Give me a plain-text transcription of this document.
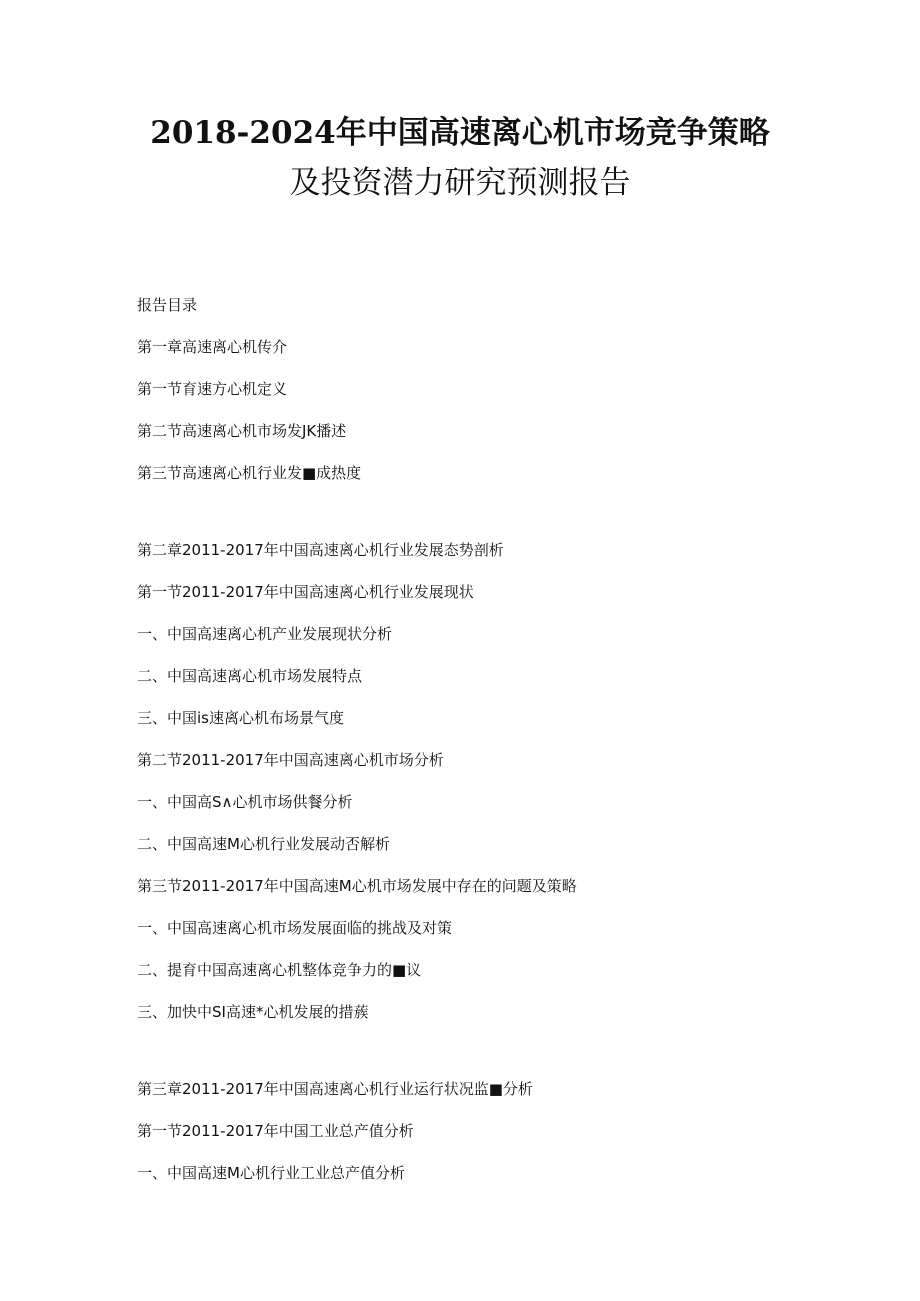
2018-2024年中国高速离心机市场竞争策略
及投资潜力研究预测报告

报告目录

第一章高速离心机传介

第一节育速方心机定义

第二节高速离心机市场发JK播述

第三节高速离心机行业发■成热度

第二章2011-2017年中国高速离心机行业发展态势剖析

第一节2011-2017年中国高速离心机行业发展现状

一、中国高速离心机产业发展现状分析

二、中国高速离心机市场发展特点

三、中国is速离心机布场景气度

第二节2011-2017年中国高速离心机市场分析

一、中国高S∧心机市场供餐分析

二、中国高速M心机行业发展动否解析

第三节2011-2017年中国高速M心机市场发展中存在的问题及策略

一、中国高速离心机市场发展面临的挑战及对策

二、提育中国高速离心机整体竞争力的■议

三、加快中SI高速*心机发展的措蔟

第三章2011-2017年中国高速离心机行业运行状况监■分析

第一节2011-2017年中国工业总产值分析

一、中国高速M心机行业工业总产值分析
